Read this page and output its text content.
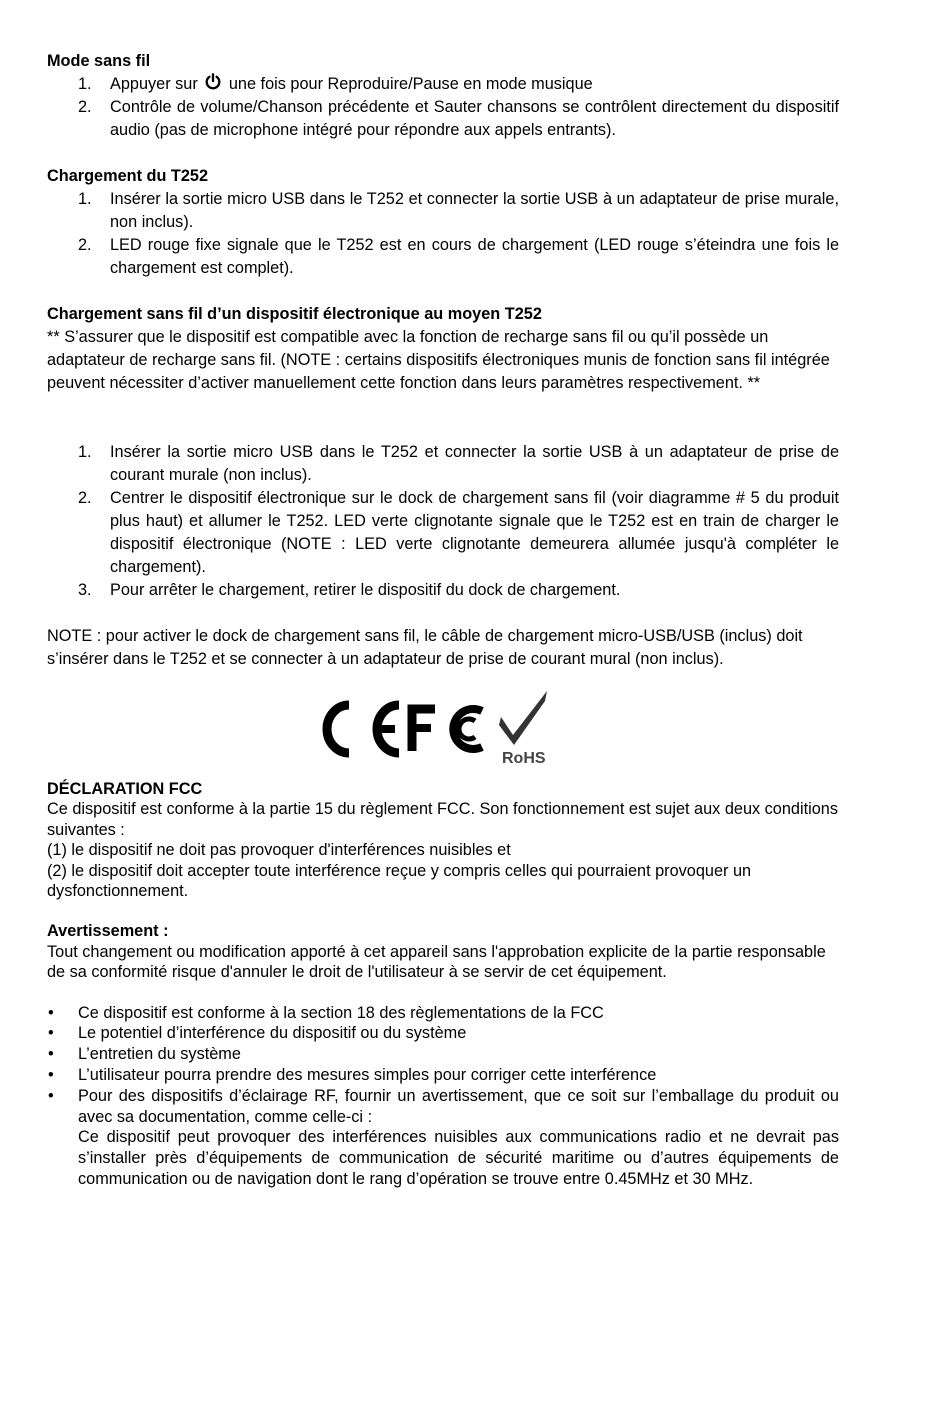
Mode sans fil
1. Appuyer sur une fois pour Reproduire/Pause en mode musique
2. Contrôle de volume/Chanson précédente et Sauter chansons se contrôlent directement du dispositif audio (pas de microphone intégré pour répondre aux appels entrants).
Chargement du T252
1. Insérer la sortie micro USB dans le T252 et connecter la sortie USB à un adaptateur de prise murale, non inclus).
2. LED rouge fixe signale que le T252 est en cours de chargement (LED rouge s’éteindra une fois le chargement est complet).
Chargement sans fil d’un dispositif électronique au moyen T252
** S’assurer que le dispositif est compatible avec la fonction de recharge sans fil ou qu’il possède un adaptateur de recharge sans fil. (NOTE : certains dispositifs électroniques munis de fonction sans fil intégrée peuvent nécessiter d’activer manuellement cette fonction dans leurs paramètres respectivement. **
1. Insérer la sortie micro USB dans le T252 et connecter la sortie USB à un adaptateur de prise de courant murale (non inclus).
2. Centrer le dispositif électronique sur le dock de chargement sans fil (voir diagramme # 5 du produit plus haut) et allumer le T252. LED verte clignotante signale que le T252 est en train de charger le dispositif électronique (NOTE : LED verte clignotante demeurera allumée jusqu'à compléter le chargement).
3. Pour arrêter le chargement, retirer le dispositif du dock de chargement.
NOTE : pour activer le dock de chargement sans fil, le câble de chargement micro-USB/USB (inclus) doit s’insérer dans le T252 et se connecter à un adaptateur de prise de courant mural (non inclus).
RoHS
DÉCLARATION FCC
Ce dispositif est conforme à la partie 15 du règlement FCC. Son fonctionnement est sujet aux deux conditions suivantes :
(1) le dispositif ne doit pas provoquer d'interférences nuisibles et
(2) le dispositif doit accepter toute interférence reçue y compris celles qui pourraient provoquer un dysfonctionnement.
Avertissement :
Tout changement ou modification apporté à cet appareil sans l'approbation explicite de la partie responsable de sa conformité risque d'annuler le droit de l'utilisateur à se servir de cet équipement.
• Ce dispositif est conforme à la section 18 des règlementations de la FCC
• Le potentiel d’interférence du dispositif ou du système
• L’entretien du système
• L’utilisateur pourra prendre des mesures simples pour corriger cette interférence
• Pour des dispositifs d’éclairage RF, fournir un avertissement, que ce soit sur l’emballage du produit ou avec sa documentation, comme celle-ci :
Ce dispositif peut provoquer des interférences nuisibles aux communications radio et ne devrait pas s’installer près d’équipements de communication de sécurité maritime ou d’autres équipements de communication ou de navigation dont le rang d’opération se trouve entre 0.45MHz et 30 MHz.
